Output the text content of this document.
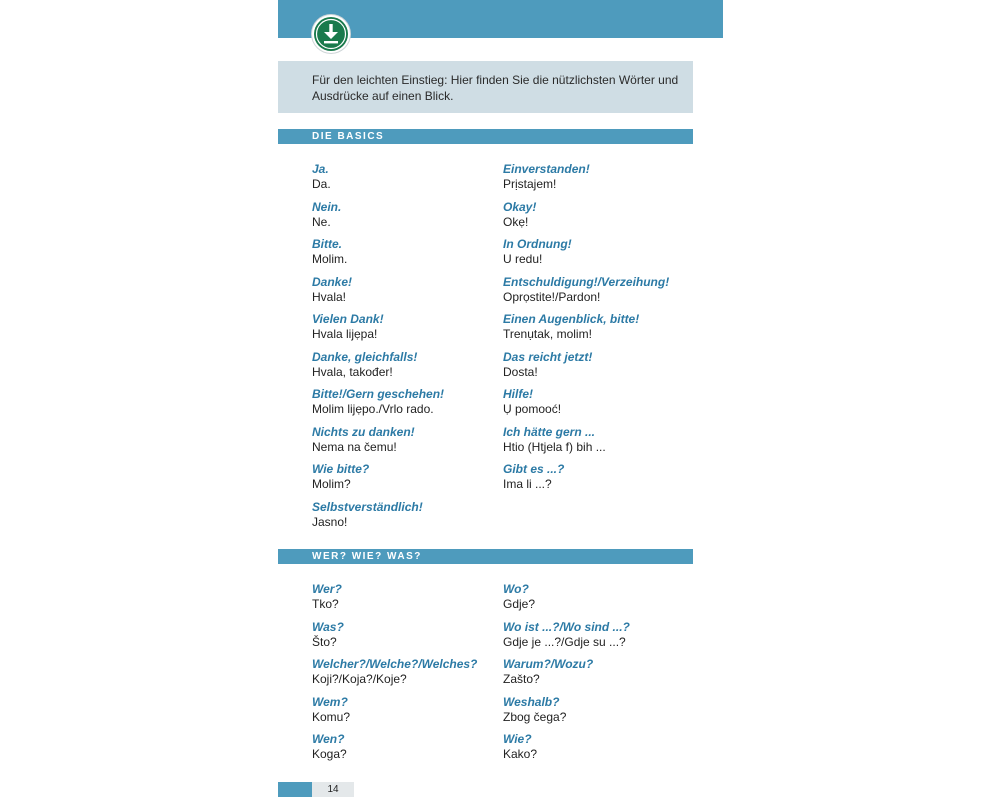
Für den leichten Einstieg: Hier finden Sie die nützlichsten Wörter und Ausdrücke auf einen Blick.

DIE BASICS
Ja.
Da.
Nein.
Ne.
Bitte.
Molim.
Danke!
Hvala!
Vielen Dank!
Hvala lijẹpa!
Danke, gleichfalls!
Hvala, također!
Bitte!/Gern geschehen!
Molim lijẹpo./Vrlo rado.
Nichts zu danken!
Nema na čemu!
Wie bitte?
Molim?
Selbstverständlich!
Jasno!
Einverstanden!
Prịstajem!
Okay!
Okẹ!
In Ordnung!
U redu!
Entschuldigung!/Verzeihung!
Oprọstite!/Pardon!
Einen Augenblick, bitte!
Trenụtak, molim!
Das reicht jetzt!
Dosta!
Hilfe!
Ụ pomooć!
Ich hätte gern ...
Htio (Htjela f) bih ...
Gibt es ...?
Ima li ...?
WER? WIE? WAS?
Wer?
Tko?
Was?
Što?
Welcher?/Welche?/Welches?
Koji?/Koja?/Koje?
Wem?
Komu?
Wen?
Koga?
Wo?
Gdje?
Wo ist ...?/Wo sind ...?
Gdje je ...?/Gdje su ...?
Warum?/Wozu?
Zašto?
Weshalb?
Zbog čega?
Wie?
Kako?
14
